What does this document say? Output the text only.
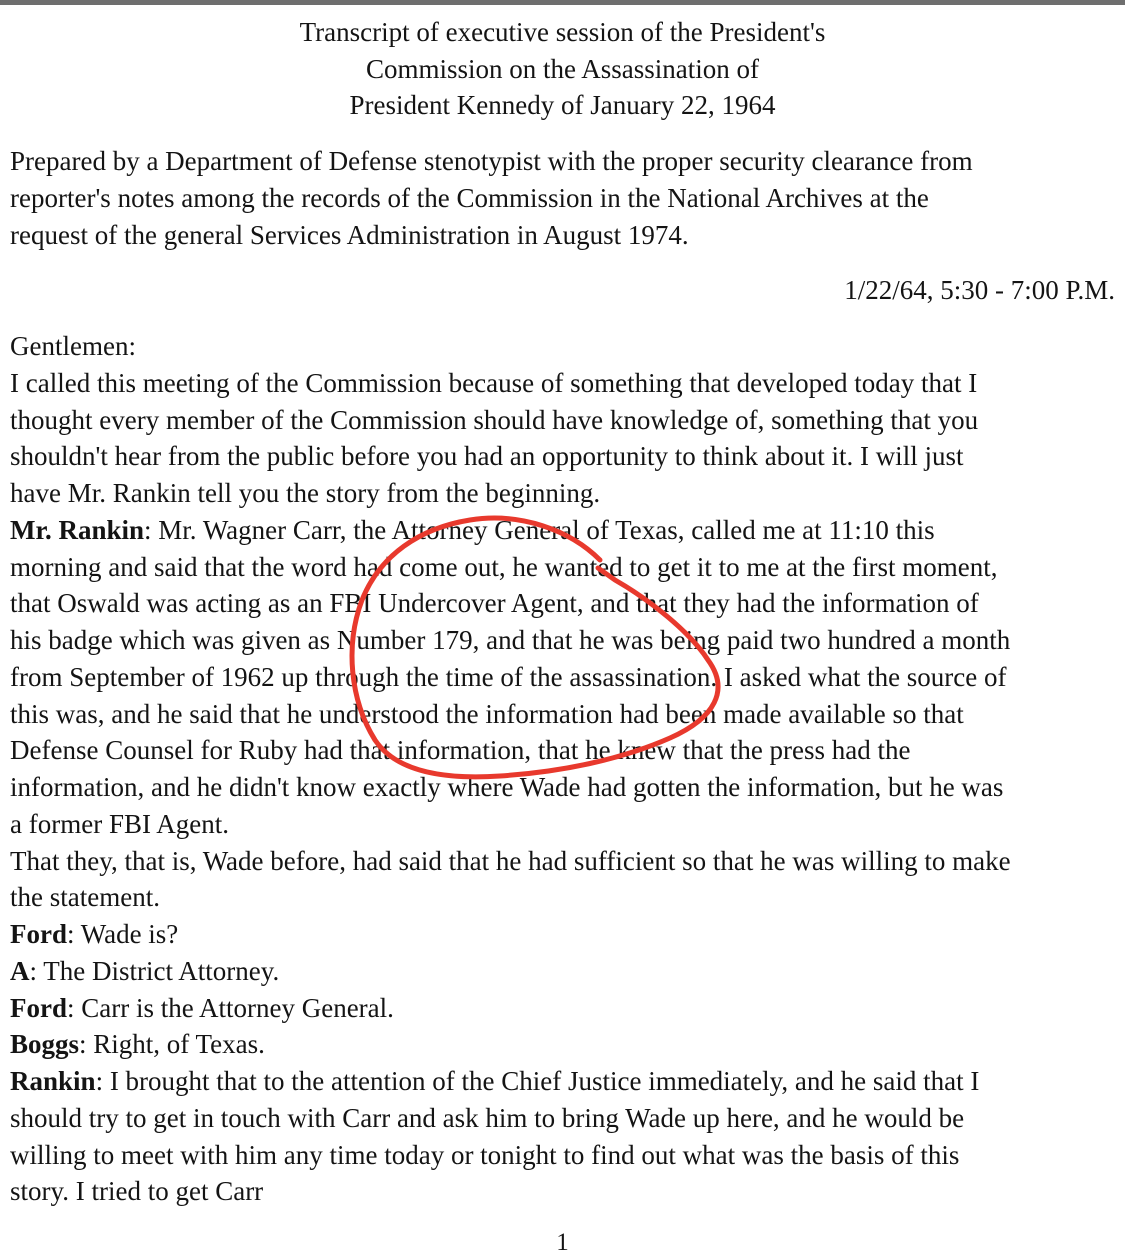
Transcript of executive session of the President's
Commission on the Assassination of
President Kennedy of January 22, 1964
Prepared by a Department of Defense stenotypist with the proper security clearance from
reporter's notes among the records of the Commission in the National Archives at the
request of the general Services Administration in August 1974.
1/22/64, 5:30 - 7:00 P.M.
Gentlemen:
I called this meeting of the Commission because of something that developed today that I
thought every member of the Commission should have knowledge of, something that you
shouldn't hear from the public before you had an opportunity to think about it. I will just
have Mr. Rankin tell you the story from the beginning.
Mr. Rankin: Mr. Wagner Carr, the Attorney General of Texas, called me at 11:10 this
morning and said that the word had come out, he wanted to get it to me at the first moment,
that Oswald was acting as an FBI Undercover Agent, and that they had the information of
his badge which was given as Number 179, and that he was being paid two hundred a month
from September of 1962 up through the time of the assassination. I asked what the source of
this was, and he said that he understood the information had been made available so that
Defense Counsel for Ruby had that information, that he knew that the press had the
information, and he didn't know exactly where Wade had gotten the information, but he was
a former FBI Agent.
That they, that is, Wade before, had said that he had sufficient so that he was willing to make
the statement.
Ford: Wade is?
A: The District Attorney.
Ford: Carr is the Attorney General.
Boggs: Right, of Texas.
Rankin: I brought that to the attention of the Chief Justice immediately, and he said that I
should try to get in touch with Carr and ask him to bring Wade up here, and he would be
willing to meet with him any time today or tonight to find out what was the basis of this
story. I tried to get Carr
1
